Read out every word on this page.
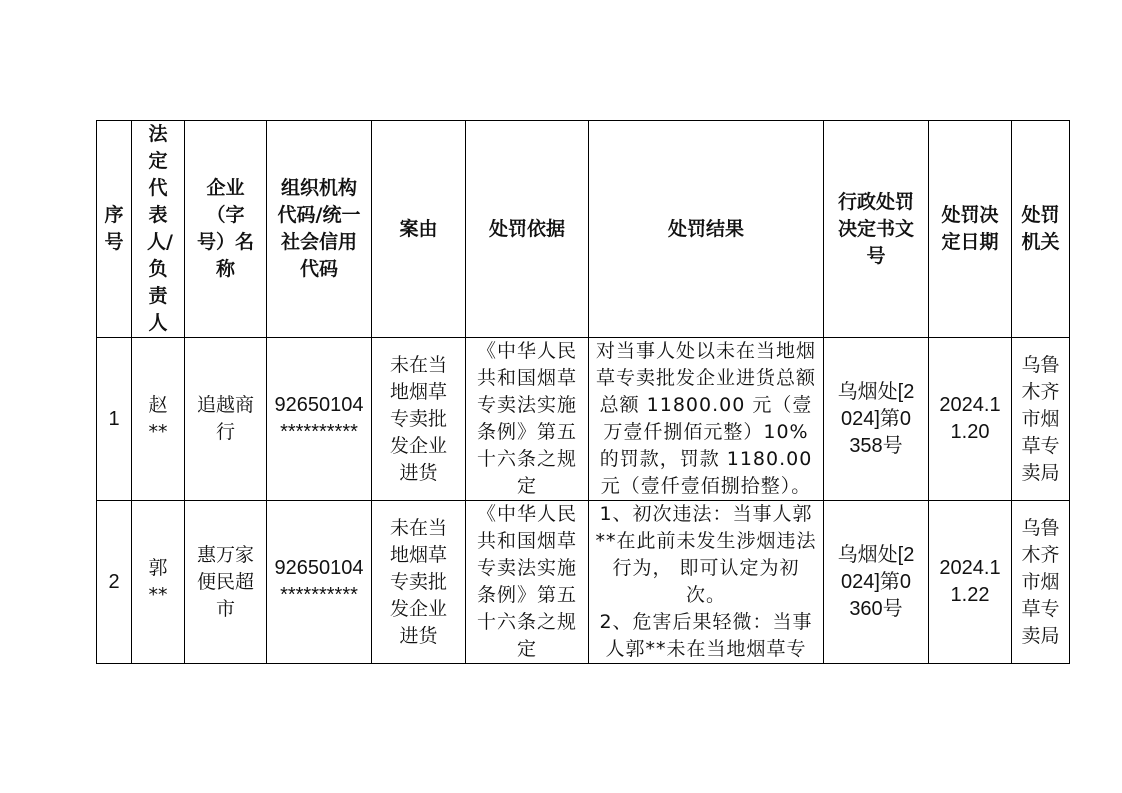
序号	法定代表人/负责人	企业（字号）名称	组织机构代码/统一社会信用代码	案由	处罚依据	处罚结果	行政处罚决定书文号	处罚决定日期	处罚机关

1	赵**	追越商行	92650104**********	未在当地烟草专卖批发企业进货	《中华人民共和国烟草专卖法实施条例》第五十六条之规定	对当事人处以未在当地烟草专卖批发企业进货总额总额 11800.00 元（壹万壹仟捌佰元整）10%的罚款，罚款 1180.00 元（壹仟壹佰捌拾整）。	乌烟处[2024]第0358号	2024.11.20	乌鲁木齐市烟草专卖局

2	郭**	惠万家便民超市	92650104**********	未在当地烟草专卖批发企业进货	《中华人民共和国烟草专卖法实施条例》第五十六条之规定	1、初次违法：当事人郭**在此前未发生涉烟违法行为， 即可认定为初次。
2、危害后果轻微：当事人郭**未在当地烟草专	乌烟处[2024]第0360号	2024.11.22	乌鲁木齐市烟草专卖局
